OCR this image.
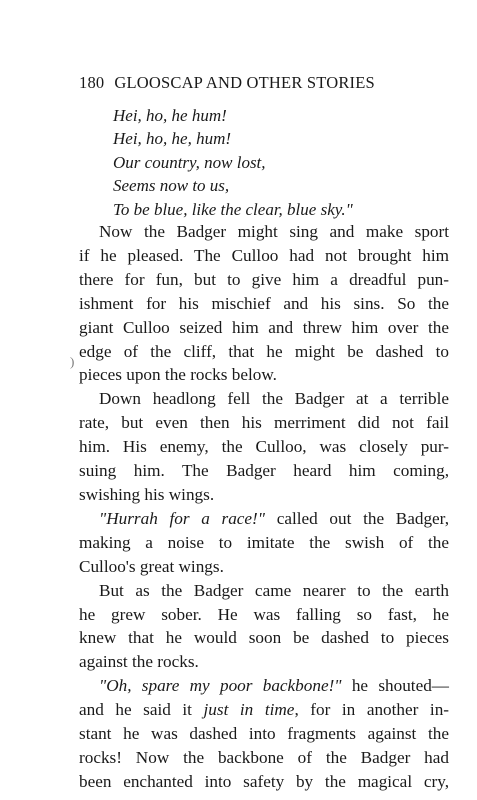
180 GLOOSCAP AND OTHER STORIES
Hei, ho, he hum!
Hei, ho, he, hum!
Our country, now lost,
Seems now to us,
To be blue, like the clear, blue sky."
)
Now the Badger might sing and make sport
if he pleased. The Culloo had not brought him
there for fun, but to give him a dreadful pun-
ishment for his mischief and his sins. So the
giant Culloo seized him and threw him over the
edge of the cliff, that he might be dashed to
pieces upon the rocks below.
Down headlong fell the Badger at a terrible
rate, but even then his merriment did not fail
him. His enemy, the Culloo, was closely pur-
suing him. The Badger heard him coming,
swishing his wings.
"Hurrah for a race!" called out the Badger,
making a noise to imitate the swish of the
Culloo's great wings.
But as the Badger came nearer to the earth
he grew sober. He was falling so fast, he
knew that he would soon be dashed to pieces
against the rocks.
"Oh, spare my poor backbone!" he shouted—
and he said it just in time, for in another in-
stant he was dashed into fragments against the
rocks! Now the backbone of the Badger had
been enchanted into safety by the magical cry,
